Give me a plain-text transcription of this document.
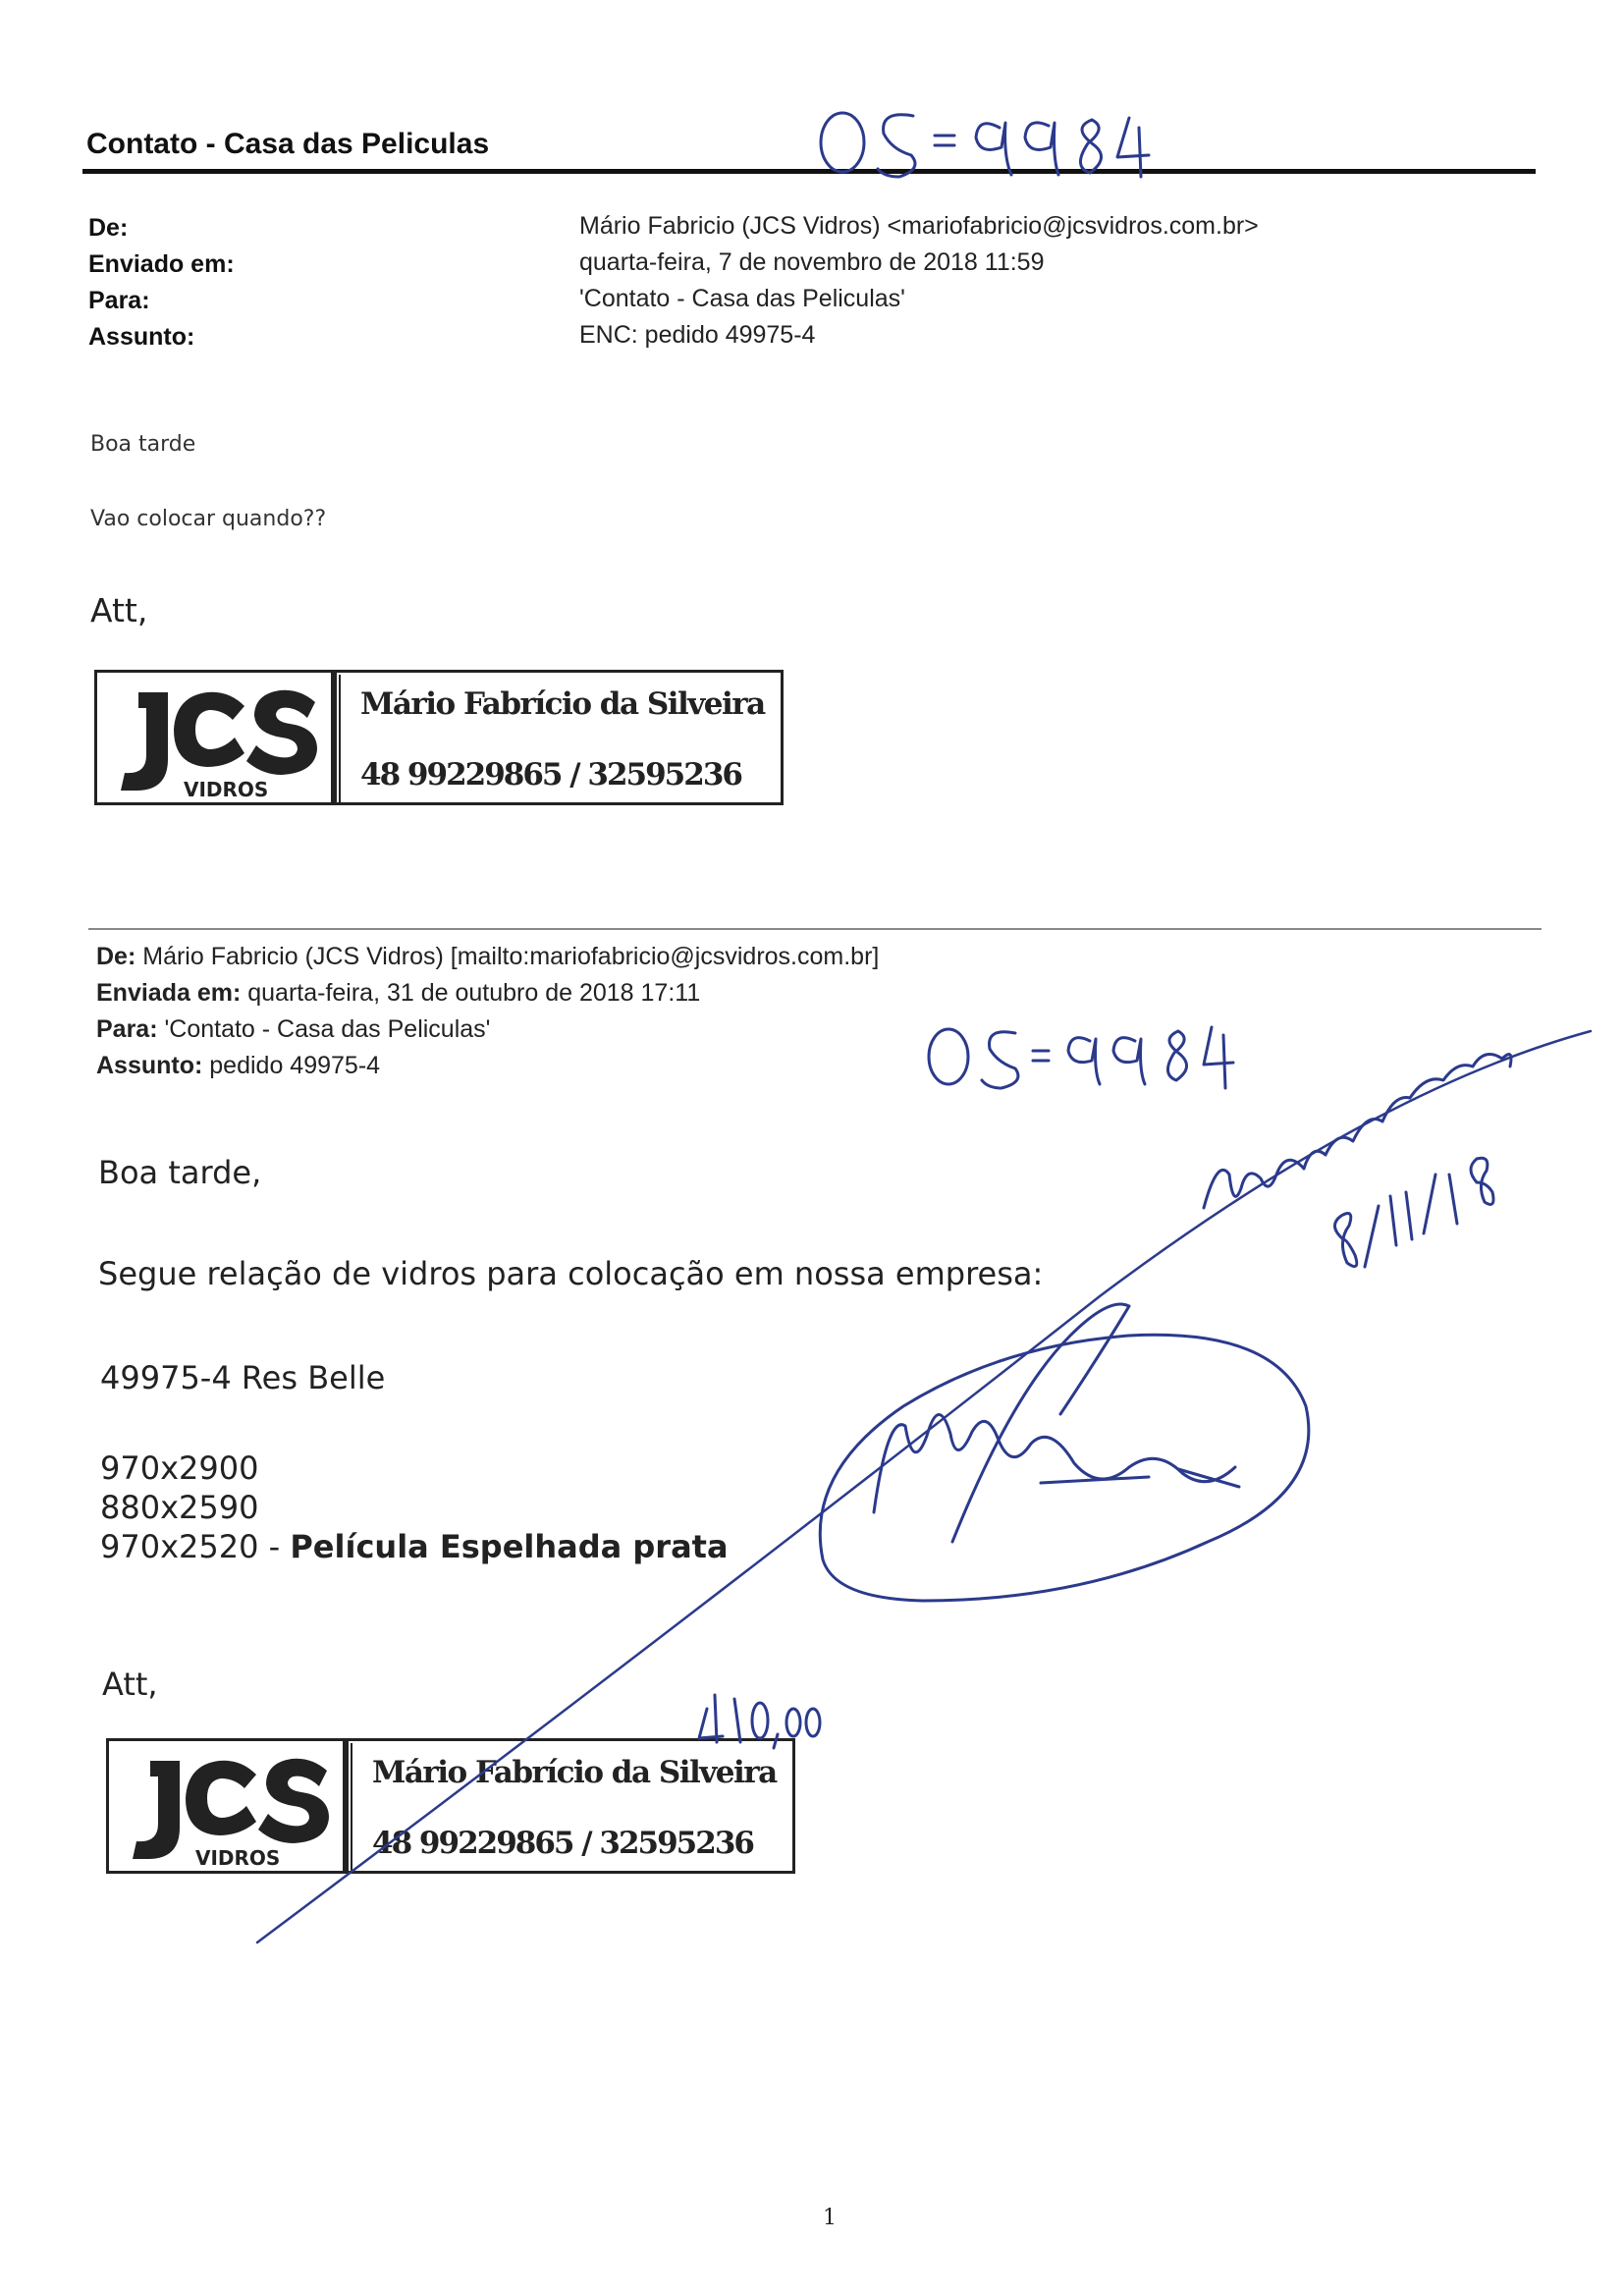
Contato - Casa das Peliculas
De:	Mário Fabricio (JCS Vidros) <mariofabricio@jcsvidros.com.br>
Enviado em:	quarta-feira, 7 de novembro de 2018 11:59
Para:	'Contato - Casa das Peliculas'
Assunto:	ENC: pedido 49975-4
Boa tarde
Vao colocar quando??
Att,
VIDROS
Mário Fabrício da Silveira
48 99229865 / 32595236
De: Mário Fabricio (JCS Vidros) [mailto:mariofabricio@jcsvidros.com.br]
Enviada em: quarta-feira, 31 de outubro de 2018 17:11
Para: 'Contato - Casa das Peliculas'
Assunto: pedido 49975-4
Boa tarde,
Segue relação de vidros para colocação em nossa empresa:
49975-4 Res Belle
970x2900
880x2590
970x2520 - Película Espelhada prata
Att,
VIDROS
Mário Fabrício da Silveira
48 99229865 / 32595236
1
